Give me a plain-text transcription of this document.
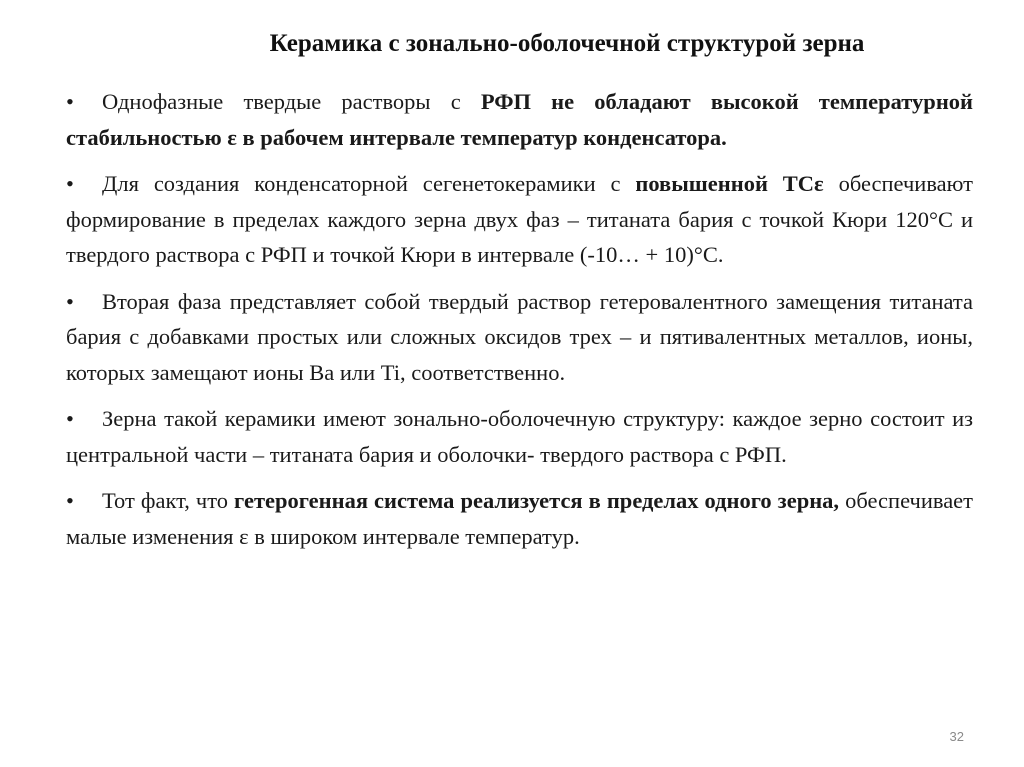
Керамика с зонально-оболочечной структурой зерна

• Однофазные твердые растворы с РФП не обладают высокой температурной стабильностью ε в рабочем интервале температур конденсатора.

• Для создания конденсаторной сегенетокерамики с повышенной ТСε обеспечивают формирование в пределах каждого зерна двух фаз – титаната бария с точкой Кюри 120°С и твердого раствора с РФП и точкой Кюри в интервале (-10… + 10)°С.

• Вторая фаза представляет собой твердый раствор гетеровалентного замещения титаната бария с добавками простых или сложных оксидов трех – и пятивалентных металлов, ионы, которых замещают ионы Ba или Ti, соответственно.

• Зерна такой керамики имеют зонально-оболочечную структуру: каждое зерно состоит из центральной части – титаната бария и оболочки- твердого раствора с РФП.

• Тот факт, что гетерогенная система реализуется в пределах одного зерна, обеспечивает малые изменения ε в широком интервале температур.

32
